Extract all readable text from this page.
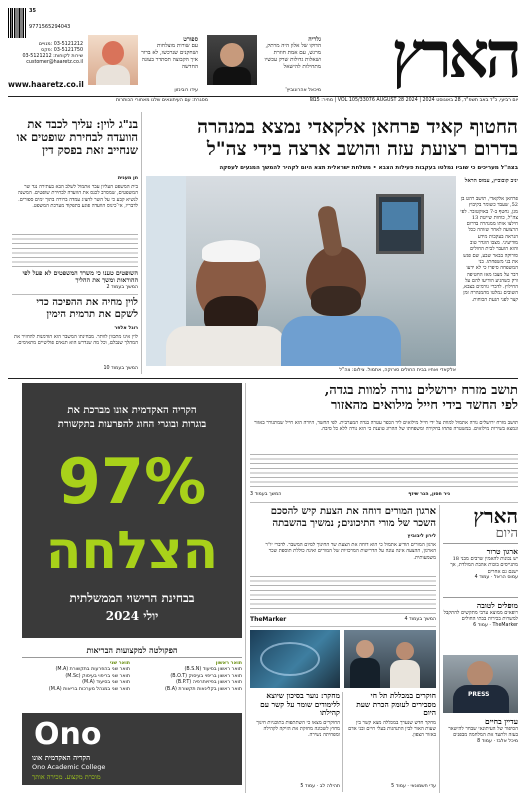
9771565294043
35
03-5121212 :מנויים
03-5121750 :פקס
שירות לקוחות: 03-5121212
customer@haaretz.co.il
www.haaretz.co.il
ספורט
עם שורות מוצלחות ושחקנים שנרכשו, לא ברור איך הקבוצה תסתדר בעונה החדשה
עידו רובינזון
גלריה
הדוקו של אלון היה מרתק, מרגש, עם אמת חוזרת ושאלות גדולות שרק עכשיו מתחילות להישאל
מיכאל אהרונוביץ'	הארץ
יום רביעי, כ"ד באב תשפ"ד, 28 באוגוסט 2024 | VOL 105/33076 AUGUST 28 2024 | מחיר: ₪15
מסגרת: עם העיתונאים שלנו מאחורי הכותרות
החטוף קאיד פרחאן אלקאדי נמצא במנהרה
בדרום רצועת עזה והושב ארצה בידי צה"ל
בצה"ל מעריכים כי שוביו נמלטו בעקבות פעילות הצבא • משלחת ישראלית תצא היום לקהיר להמשך המגעים לעסקה
אלקאדי ואחיו בבית החולים סורוקה, אתמול. צילום: צה"ל
יניב קובוביץ, עמוס הראל
פרחאן אלקאדי, תושב רהט בן 52, שעבד כשומר בקיבוץ מגן, נחטף ב-7 באוקטובר. לפי צה"ל, כוחות שייטת 13 חילצו אותו ממנהרה בדרום הרצועה לאחר שזוהה ככל הנראה בעקבות מידע מודיעיני. מצבו הוגדר טוב והוא הועבר לבית החולים סורוקה בבאר שבע, שם פגש את בני משפחתו. בני המשפחה סיפרו כי לא ידעו דבר על מצבו מאז החטיפה ורק כשהגיע הודיעו להם על החילוץ. לדברי גורמים בצבא, השובים נמלטו מהמנהרה זמן קצר לפני הגעת הכוחות.
בנ"ג לוין: עליך לכבד את הוועדה לבחירת שופטים או שנחייב זאת בפסק דין
חן מענית
בית המשפט העליון עבר אתמול לשלב הבא בעתירה נגד שר המשפטים, שמסרב לכנס את הוועדה לבחירת שופטים. המשנה לנשיא קבע כי על השר להציג עמדה ברורה בתוך ימים ספורים. לדבריו, אי־כינוס הוועדה פוגע בתפקוד מערכת המשפט.
השופטים טענו כי משרד המשפטים לא פעל לפי ההוראות ומשך את ההליך
המשך בעמוד 2
לוין מחיה את ההפיכה כדי לשקם את תרמית הימין
רוגל אלפר
לוין אינו מתכוון לוותר. מבחינתו המשבר הוא הזדמנות להחזיר את המהלך שנבלם, וכל מה שנדרש הוא תנאים פוליטיים מתאימים.
המשך בעמוד 10
הקריה האקדמית אונו מברכת את
בוגרות ובוגרי החוג להפרעות בתקשורת
97%
הצלחה
בבחינת הרישוי הממשלתית
יולי 2024
הפקולטה למקצועות הבריאות
תואר ראשון
תואר ראשון בסיעוד (B.S.N)
תואר ראשון בריפוי בעיסוק (B.O.T)
תואר ראשון בפיזיותרפיה (B.P.T)
תואר ראשון בקלינאות תקשורת (B.A)
תואר שני
תואר שני בהפרעות בתקשורת (M.A)
תואר שני בריפוי בעיסוק (M.Sc)
תואר שני בסיעוד (M.A)
תואר שני במנהל מערכות בריאות (M.A)
Ono
הקריה האקדמית אונו
Ono Academic College
מוכרת מקצוע. מכירה אותך
תושב מזרח ירושלים נורה למוות בגדה,
לפי החשד בידי חייל מילואים מהאזור
תושב מזרח ירושלים נורה אתמול למוות על ידי חייל מילואים ליד הכפר עטרה בגדה המערבית. לפי החשד, היורה הוא חייל שמתגורר באזור ונמצא בשירות מילואים. במשטרה פתחו בחקירה ומשפחתו של ההרוג טוענת כי הוא נורה ללא כל סיבה.
ניר חסון, הגר שיזף
המשך בעמוד 3
הארץ
היום
ארגון טרור
יש נכונות להאמין שרבים מבני 18 מתגייסים בזכות אהבת המולדת, אך ישנם גם אחרים
עמוס הראל · עמוד 4
מופלים לטובה
רופאים ממוצא ערבי מתקשים להתקבל למשרות בכירות בבתי החולים
TheMarker · עמוד 6
PRESS
עדיין בחיים
הסיפור של העיתונאי שבחר להישאר בעזה ולתעד את המלחמה מבפנים
מיכל אלבז · עמוד 8
ארגון המורים דוחה את הצעת קיש להסכם
השכר של מורי התיכונים; נמשיך בהשבתה
לירון ליבוביץ
ארגון המורים הודיע אתמול כי הוא דוחה את הצעת שר החינוך לסיום המשבר. לדברי יו"ר הארגון, ההצעה אינה עונה על הדרישות המרכזיות של המורים ואינה כוללת תוספת שכר משמעותית.
TheMarker	המשך בעמוד 4
חוקרים במכללת תל חי מסבירים לעומק הכרת שעת היום
מחקר חדש שנערך במכללה מצא קשר בין שעות האור לבין התנהגות בעלי חיים ובני אדם באזור הצפון.
עדי חשמונאי · עמוד 5
מחקר: נוער בסיכון שיוצא ללימודים שומר על קשר עם קהילתו
החוקרים מצאו כי השתתפות בתוכניות חינוך מחוץ לשכונה מחזקת את הזיקה לקהילה ומפחיתה נשירה.
תהילה לב · עמוד 5
